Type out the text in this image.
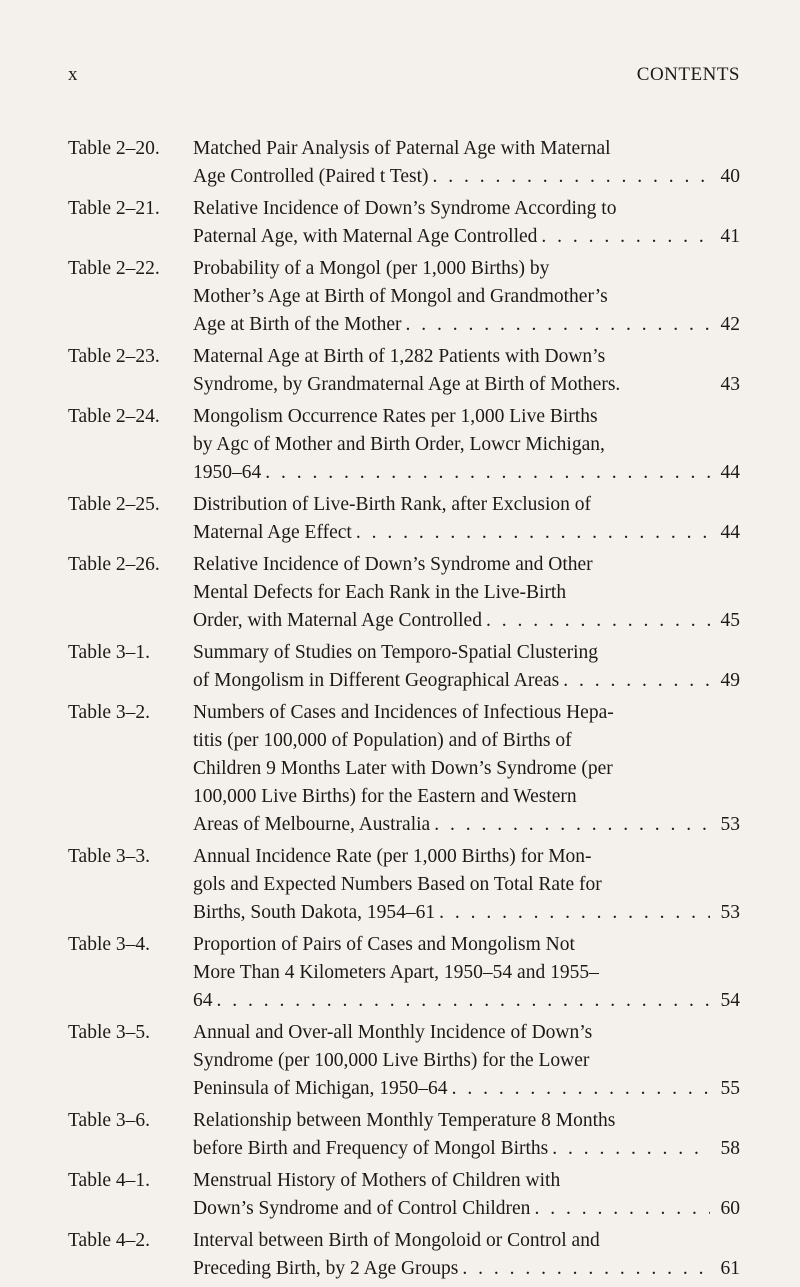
x	CONTENTS
Table 2–20. Matched Pair Analysis of Paternal Age with Maternal
Age Controlled (Paired t Test) . . .	40
Table 2–21. Relative Incidence of Down’s Syndrome According to
Paternal Age, with Maternal Age Controlled . . .	41
Table 2–22. Probability of a Mongol (per 1,000 Births) by
Mother’s Age at Birth of Mongol and Grandmother’s
Age at Birth of the Mother . . .	42
Table 2–23. Maternal Age at Birth of 1,282 Patients with Down’s
Syndrome, by Grandmaternal Age at Birth of Mothers.	43
Table 2–24. Mongolism Occurrence Rates per 1,000 Live Births
by Agc of Mother and Birth Order, Lowcr Michigan,
1950–64 . . .	44
Table 2–25. Distribution of Live-Birth Rank, after Exclusion of
Maternal Age Effect . . .	44
Table 2–26. Relative Incidence of Down’s Syndrome and Other
Mental Defects for Each Rank in the Live-Birth
Order, with Maternal Age Controlled . . .	45
Table 3–1. Summary of Studies on Temporo-Spatial Clustering
of Mongolism in Different Geographical Areas . . .	49
Table 3–2. Numbers of Cases and Incidences of Infectious Hepa-
titis (per 100,000 of Population) and of Births of
Children 9 Months Later with Down’s Syndrome (per
100,000 Live Births) for the Eastern and Western
Areas of Melbourne, Australia . . .	53
Table 3–3. Annual Incidence Rate (per 1,000 Births) for Mon-
gols and Expected Numbers Based on Total Rate for
Births, South Dakota, 1954–61 . . .	53
Table 3–4. Proportion of Pairs of Cases and Mongolism Not
More Than 4 Kilometers Apart, 1950–54 and 1955–
64 . . .	54
Table 3–5. Annual and Over-all Monthly Incidence of Down’s
Syndrome (per 100,000 Live Births) for the Lower
Peninsula of Michigan, 1950–64 . . .	55
Table 3–6. Relationship between Monthly Temperature 8 Months
before Birth and Frequency of Mongol Births . . .	58
Table 4–1. Menstrual History of Mothers of Children with
Down’s Syndrome and of Control Children . . .	60
Table 4–2. Interval between Birth of Mongoloid or Control and
Preceding Birth, by 2 Age Groups . . .	61
